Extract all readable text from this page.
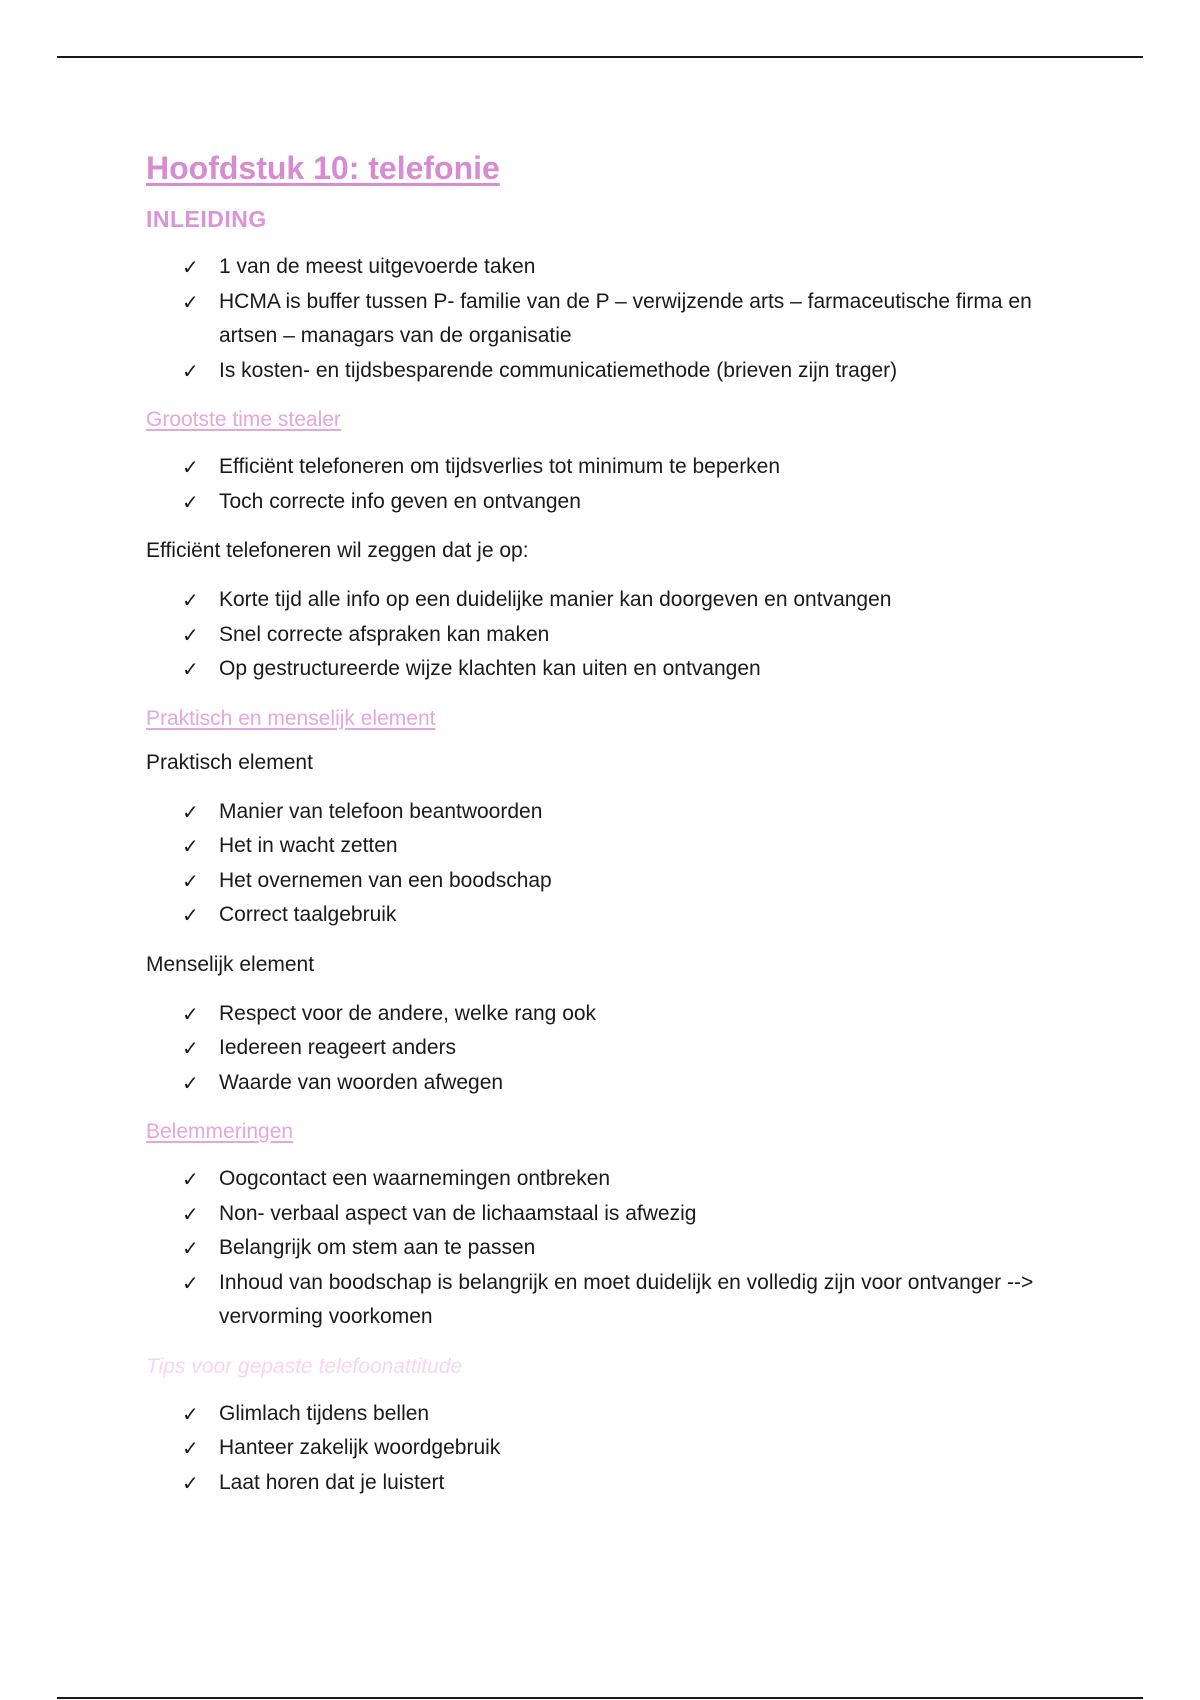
Hoofdstuk 10: telefonie
INLEIDING
✓ 1 van de meest uitgevoerde taken
✓ HCMA is buffer tussen P- familie van de P – verwijzende arts – farmaceutische firma en artsen – managars van de organisatie
✓ Is kosten- en tijdsbesparende communicatiemethode (brieven zijn trager)
Grootste time stealer
✓ Efficiënt telefoneren om tijdsverlies tot minimum te beperken
✓ Toch correcte info geven en ontvangen

Efficiënt telefoneren wil zeggen dat je op:

✓ Korte tijd alle info op een duidelijke manier kan doorgeven en ontvangen
✓ Snel correcte afspraken kan maken
✓ Op gestructureerde wijze klachten kan uiten en ontvangen
Praktisch en menselijk element

Praktisch element

✓ Manier van telefoon beantwoorden
✓ Het in wacht zetten
✓ Het overnemen van een boodschap
✓ Correct taalgebruik

Menselijk element

✓ Respect voor de andere, welke rang ook
✓ Iedereen reageert anders
✓ Waarde van woorden afwegen
Belemmeringen
✓ Oogcontact een waarnemingen ontbreken
✓ Non- verbaal aspect van de lichaamstaal is afwezig
✓ Belangrijk om stem aan te passen
✓ Inhoud van boodschap is belangrijk en moet duidelijk en volledig zijn voor ontvanger --> vervorming voorkomen
Tips voor gepaste telefoonattitude
✓ Glimlach tijdens bellen
✓ Hanteer zakelijk woordgebruik
✓ Laat horen dat je luistert
